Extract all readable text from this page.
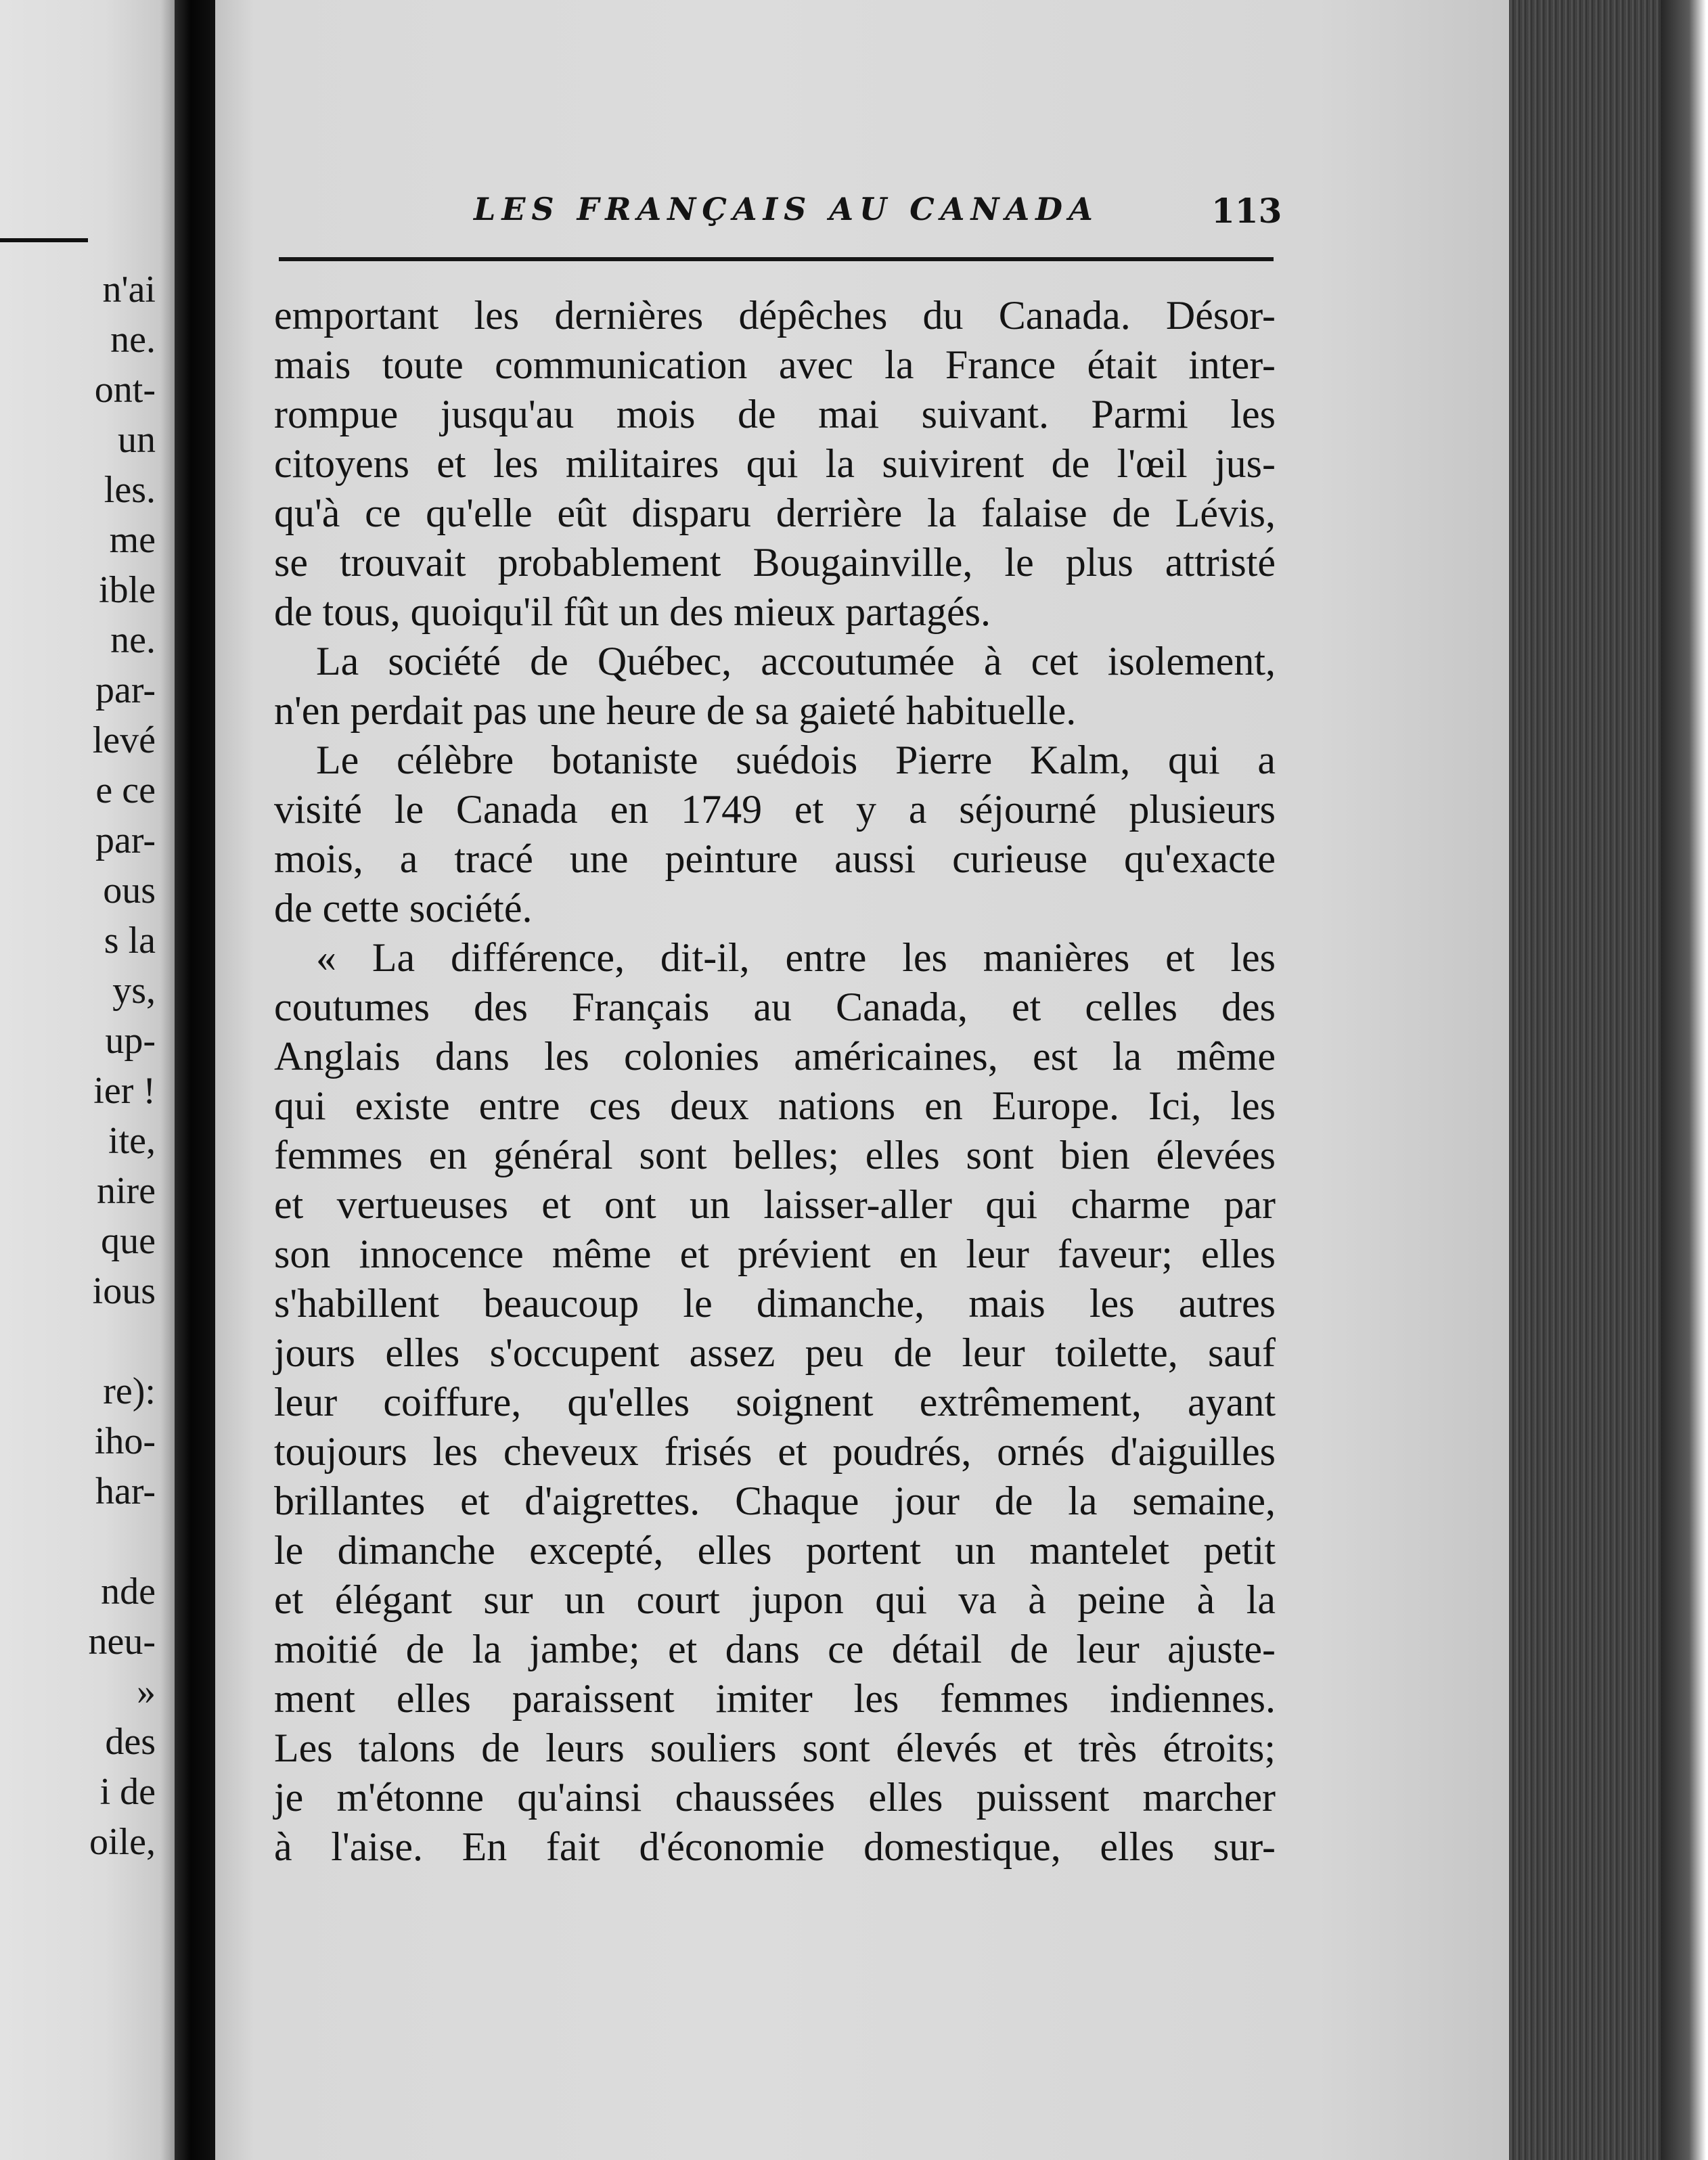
n'ai
ne.
ont-
un
les.
me
ible
ne.
par-
levé
e ce
par-
ous
s la
ys,
up-
ier !
ite,
nire
que
ious
re):
iho-
har-
nde
neu-
»
des
i de
oile,
LES FRANÇAIS AU CANADA	113
emportant les dernières dépêches du Canada. Désor-
mais toute communication avec la France était inter-
rompue jusqu'au mois de mai suivant. Parmi les
citoyens et les militaires qui la suivirent de l'œil jus-
qu'à ce qu'elle eût disparu derrière la falaise de Lévis,
se trouvait probablement Bougainville, le plus attristé
de tous, quoiqu'il fût un des mieux partagés.
La société de Québec, accoutumée à cet isolement,
n'en perdait pas une heure de sa gaieté habituelle.
Le célèbre botaniste suédois Pierre Kalm, qui a
visité le Canada en 1749 et y a séjourné plusieurs
mois, a tracé une peinture aussi curieuse qu'exacte
de cette société.
« La différence, dit-il, entre les manières et les
coutumes des Français au Canada, et celles des
Anglais dans les colonies américaines, est la même
qui existe entre ces deux nations en Europe. Ici, les
femmes en général sont belles; elles sont bien élevées
et vertueuses et ont un laisser-aller qui charme par
son innocence même et prévient en leur faveur; elles
s'habillent beaucoup le dimanche, mais les autres
jours elles s'occupent assez peu de leur toilette, sauf
leur coiffure, qu'elles soignent extrêmement, ayant
toujours les cheveux frisés et poudrés, ornés d'aiguilles
brillantes et d'aigrettes. Chaque jour de la semaine,
le dimanche excepté, elles portent un mantelet petit
et élégant sur un court jupon qui va à peine à la
moitié de la jambe; et dans ce détail de leur ajuste-
ment elles paraissent imiter les femmes indiennes.
Les talons de leurs souliers sont élevés et très étroits;
je m'étonne qu'ainsi chaussées elles puissent marcher
à l'aise. En fait d'économie domestique, elles sur-
